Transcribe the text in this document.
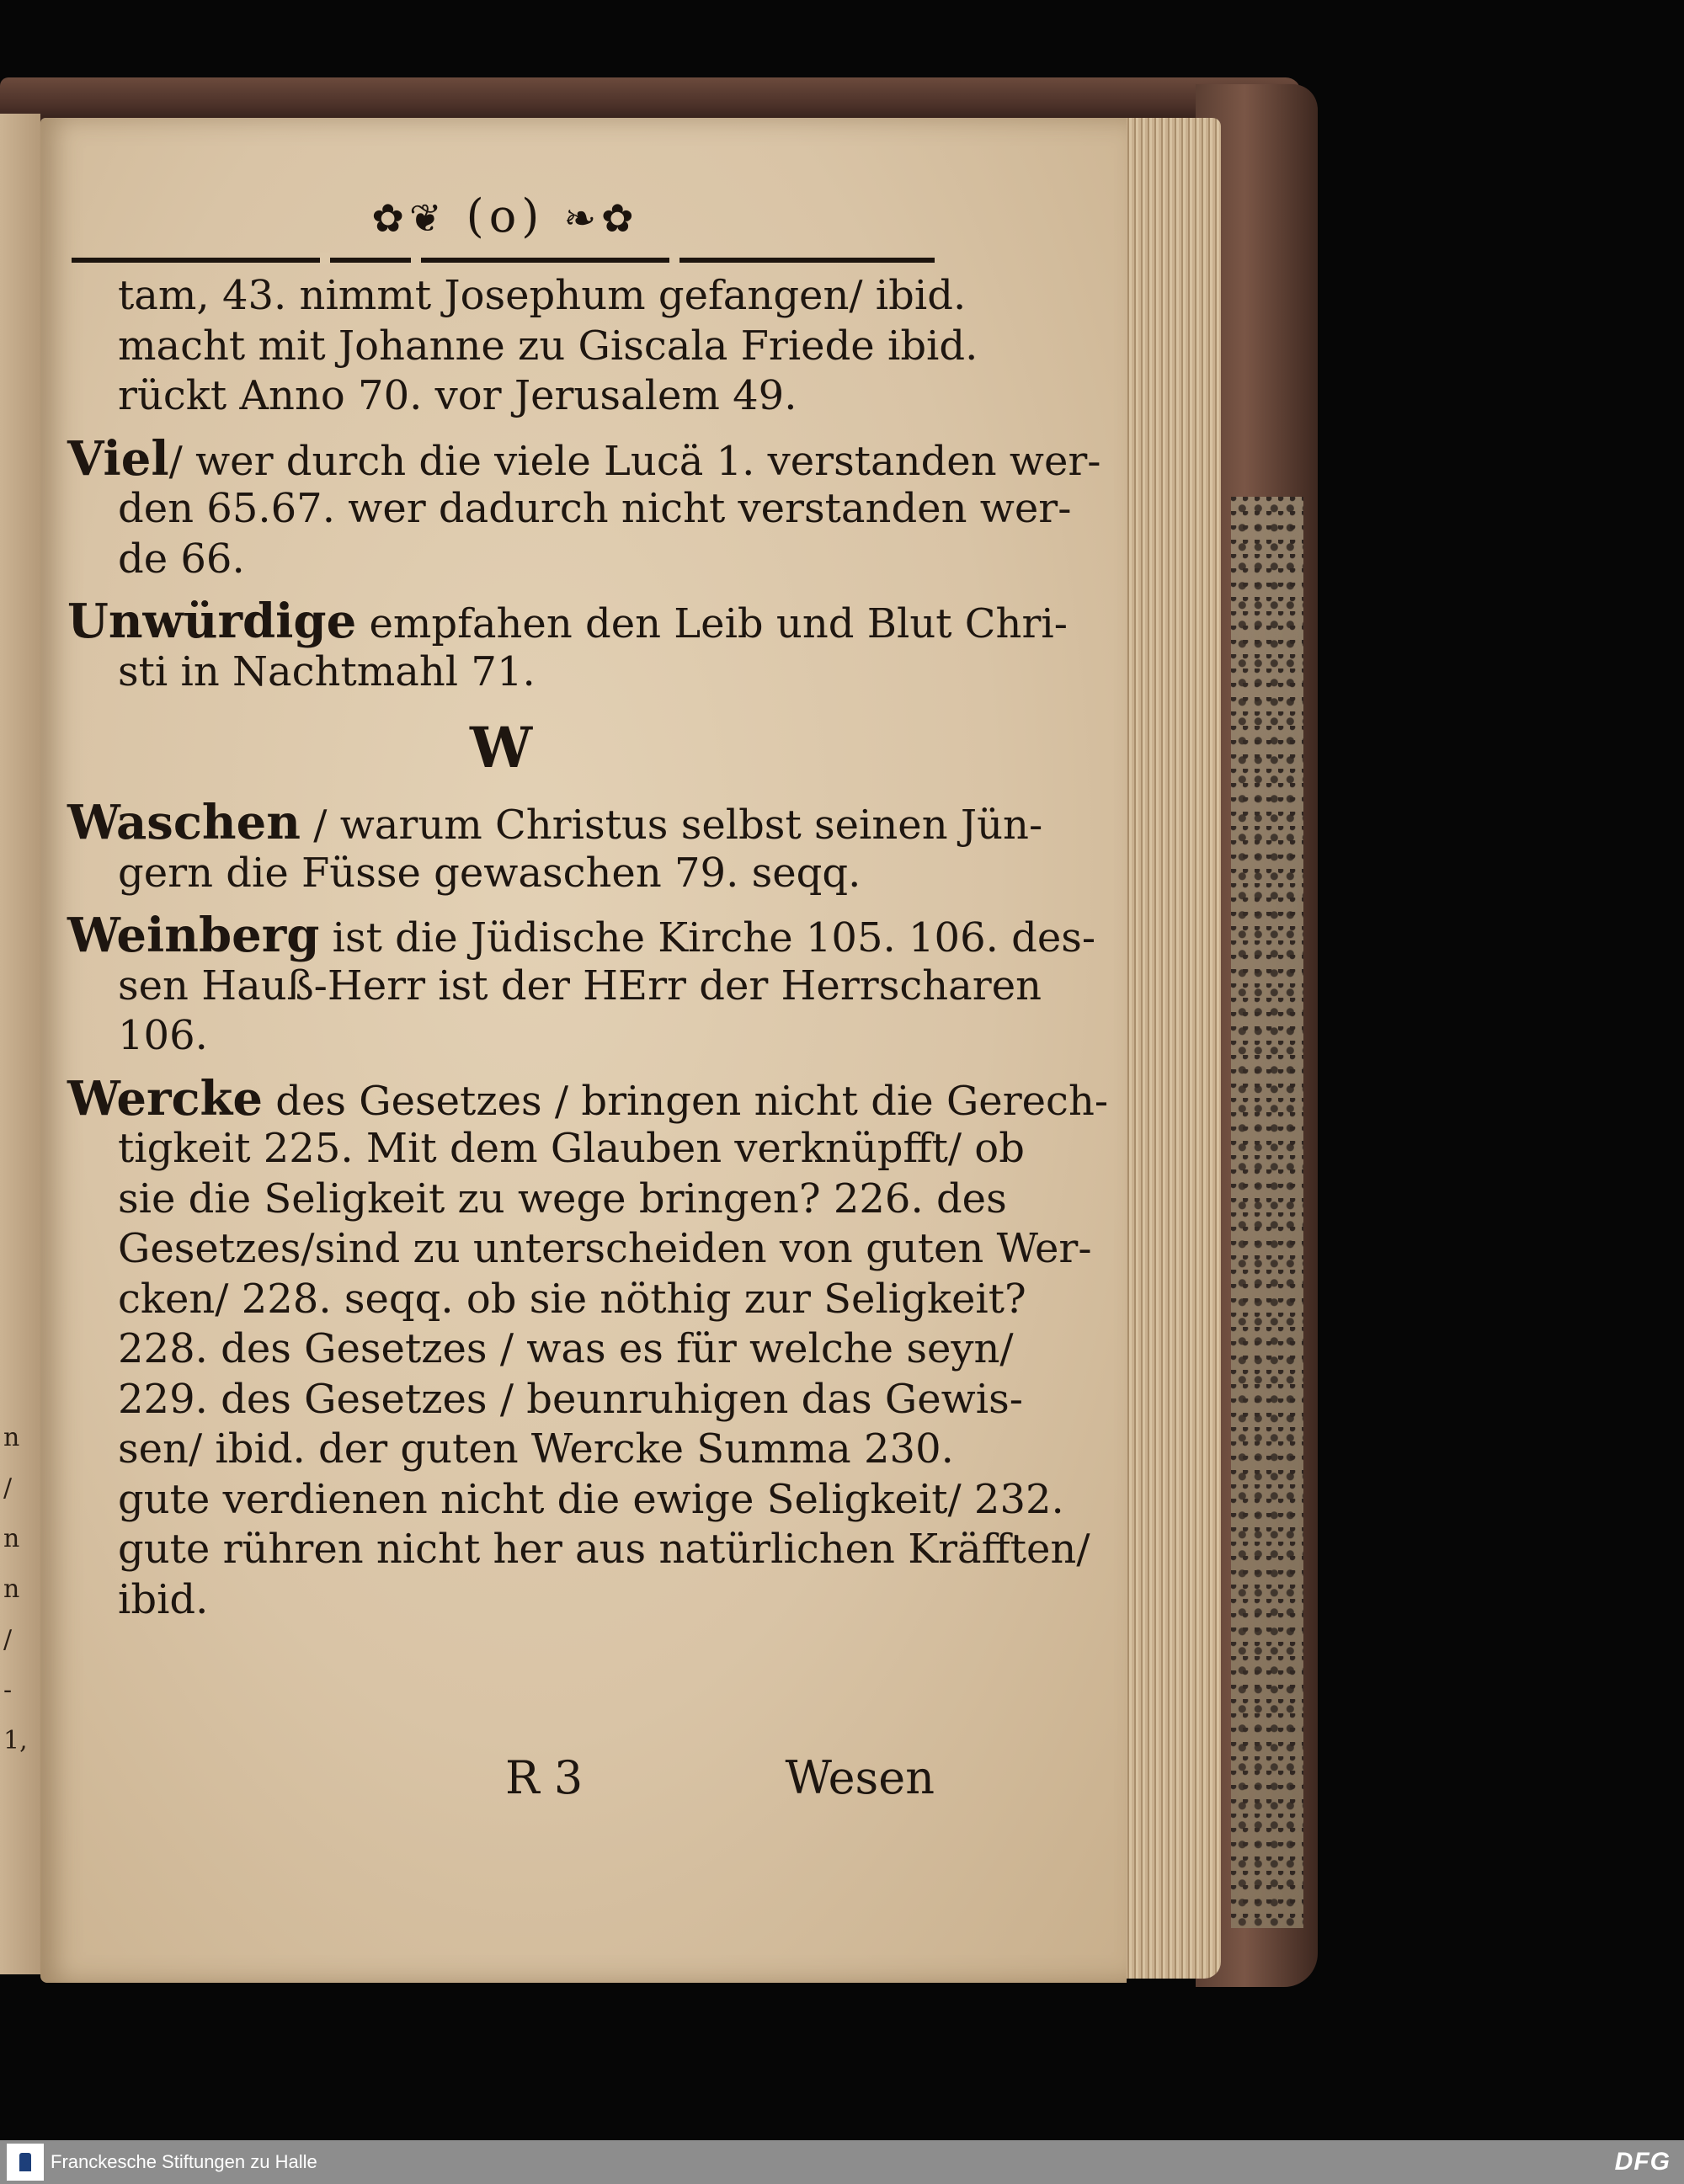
n
/
n
n
/
-
1,
✿❦ (o) ❧✿
tam, 43. nimmt Josephum gefangen/ ibid.
macht mit Johanne zu Giscala Friede ibid.
rückt Anno 70. vor Jerusalem 49.
Viel/ wer durch die viele Lucä 1. verstanden wer-
den 65.67. wer dadurch nicht verstanden wer-
de 66.
Unwürdige empfahen den Leib und Blut Chri-
sti in Nachtmahl 71.
W
Waschen / warum Christus selbst seinen Jün-
gern die Füsse gewaschen 79. seqq.
Weinberg ist die Jüdische Kirche 105. 106. des-
sen Hauß-Herr ist der HErr der Herrscharen
106.
Wercke des Gesetzes / bringen nicht die Gerech-
tigkeit 225. Mit dem Glauben verknüpfft/ ob
sie die Seligkeit zu wege bringen? 226. des
Gesetzes/sind zu unterscheiden von guten Wer-
cken/ 228. seqq. ob sie nöthig zur Seligkeit?
228. des Gesetzes / was es für welche seyn/
229. des Gesetzes / beunruhigen das Gewis-
sen/ ibid. der guten Wercke Summa 230.
gute verdienen nicht die ewige Seligkeit/ 232.
gute rühren nicht her aus natürlichen Kräfften/
ibid.
R 3	Wesen
Franckesche Stiftungen zu Halle	DFG
